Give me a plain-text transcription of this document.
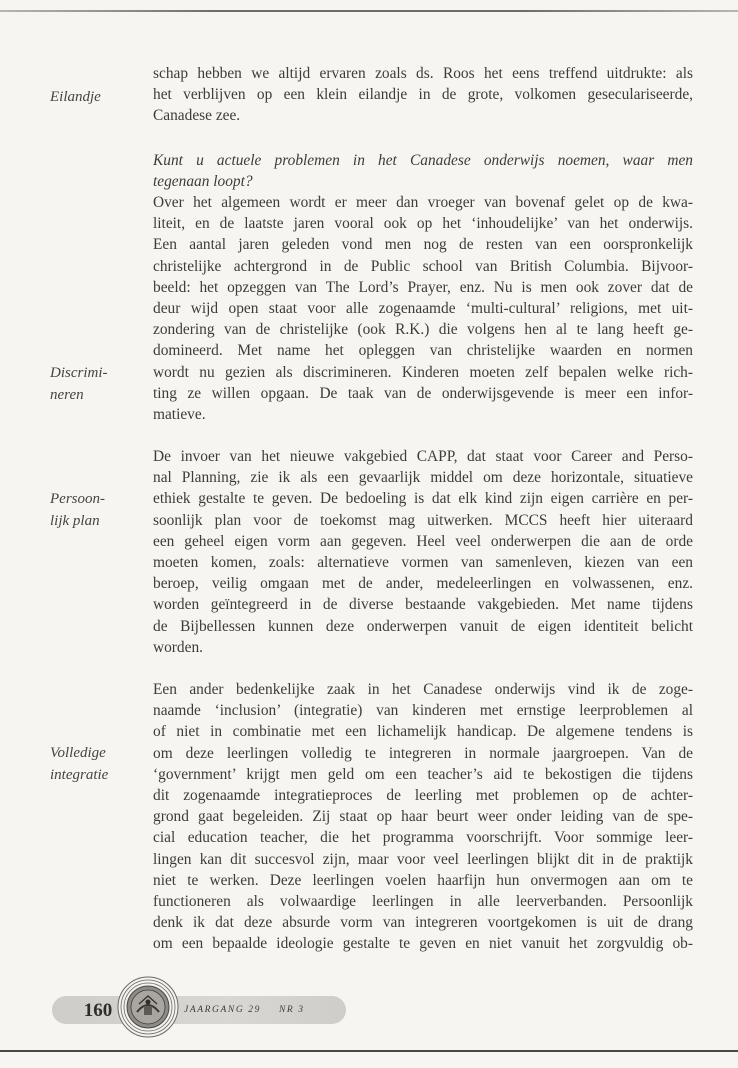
Eilandje
Discrimi-
neren
Persoon-
lijk plan
Volledige
integratie
schap hebben we altijd ervaren zoals ds. Roos het eens treffend uitdrukte: als
het verblijven op een klein eilandje in de grote, volkomen geseculariseerde,
Canadese zee.
Kunt u actuele problemen in het Canadese onderwijs noemen, waar men
tegenaan loopt?
Over het algemeen wordt er meer dan vroeger van bovenaf gelet op de kwa-
liteit, en de laatste jaren vooral ook op het ‘inhoudelijke’ van het onderwijs.
Een aantal jaren geleden vond men nog de resten van een oorspronkelijk
christelijke achtergrond in de Public school van British Columbia. Bijvoor-
beeld: het opzeggen van The Lord’s Prayer, enz. Nu is men ook zover dat de
deur wijd open staat voor alle zogenaamde ‘multi-cultural’ religions, met uit-
zondering van de christelijke (ook R.K.) die volgens hen al te lang heeft ge-
domineerd. Met name het opleggen van christelijke waarden en normen
wordt nu gezien als discrimineren. Kinderen moeten zelf bepalen welke rich-
ting ze willen opgaan. De taak van de onderwijsgevende is meer een infor-
matieve.
De invoer van het nieuwe vakgebied CAPP, dat staat voor Career and Perso-
nal Planning, zie ik als een gevaarlijk middel om deze horizontale, situatieve
ethiek gestalte te geven. De bedoeling is dat elk kind zijn eigen carrière en per-
soonlijk plan voor de toekomst mag uitwerken. MCCS heeft hier uiteraard
een geheel eigen vorm aan gegeven. Heel veel onderwerpen die aan de orde
moeten komen, zoals: alternatieve vormen van samenleven, kiezen van een
beroep, veilig omgaan met de ander, medeleerlingen en volwassenen, enz.
worden geïntegreerd in de diverse bestaande vakgebieden. Met name tijdens
de Bijbellessen kunnen deze onderwerpen vanuit de eigen identiteit belicht
worden.
Een ander bedenkelijke zaak in het Canadese onderwijs vind ik de zoge-
naamde ‘inclusion’ (integratie) van kinderen met ernstige leerproblemen al
of niet in combinatie met een lichamelijk handicap. De algemene tendens is
om deze leerlingen volledig te integreren in normale jaargroepen. Van de
‘government’ krijgt men geld om een teacher’s aid te bekostigen die tijdens
dit zogenaamde integratieproces de leerling met problemen op de achter-
grond gaat begeleiden. Zij staat op haar beurt weer onder leiding van de spe-
cial education teacher, die het programma voorschrijft. Voor sommige leer-
lingen kan dit succesvol zijn, maar voor veel leerlingen blijkt dit in de praktijk
niet te werken. Deze leerlingen voelen haarfijn hun onvermogen aan om te
functioneren als volwaardige leerlingen in alle leerverbanden. Persoonlijk
denk ik dat deze absurde vorm van integreren voortgekomen is uit de drang
om een bepaalde ideologie gestalte te geven en niet vanuit het zorgvuldig ob-
160	JAARGANG 29 NR 3
